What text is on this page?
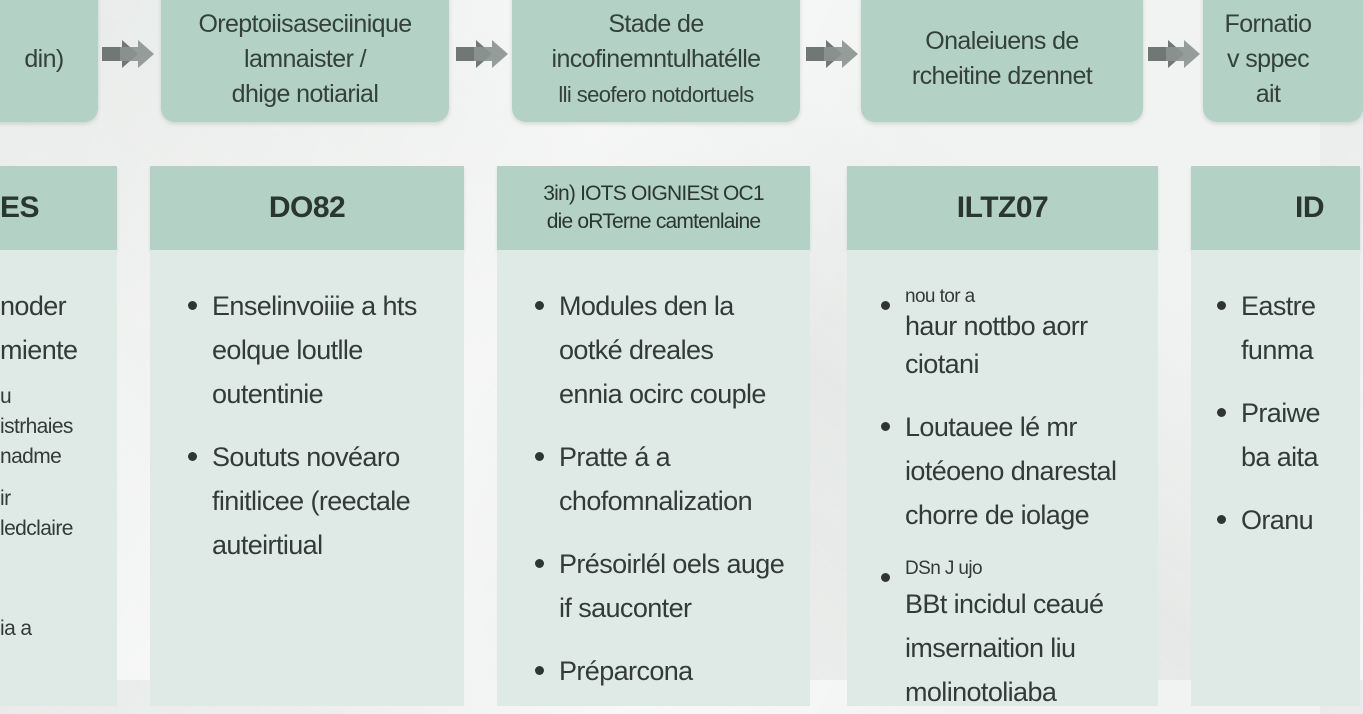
din)
Oreptoiisaseciinique
lamnaister /
dhige notiarial
Stade de
incofinemntulhatélle
lli seofero notdortuels
Onaleiuens de
rcheitine dzennet
Fornatio
v sppec
ait
ES
noder
miente
u
istrhaies
nadme
ir
ledclaire
ia a
DO82
Enselinvoiiie a hts
eolque loutlle
outentinie
Soututs novéaro
finitlicee (reectale
auteirtiual
3in) IOTS OIGNIESt OC1
die oRTerne camtenlaine
Modules den la
ootké dreales
ennia ocirc couple
Pratte á a
chofomnalization
Présoirlél oels auge
if sauconter
Préparcona
ILTZ07
nou tor a
haur nottbo aorr
ciotani
Loutauee lé mr
iotéoeno dnarestal
chorre de iolage
DSn J ujo
BBt incidul ceaué
imsernaition liu
molinotoliaba
ID
Eastre
funma
Praiwe
ba aita
Oranu
